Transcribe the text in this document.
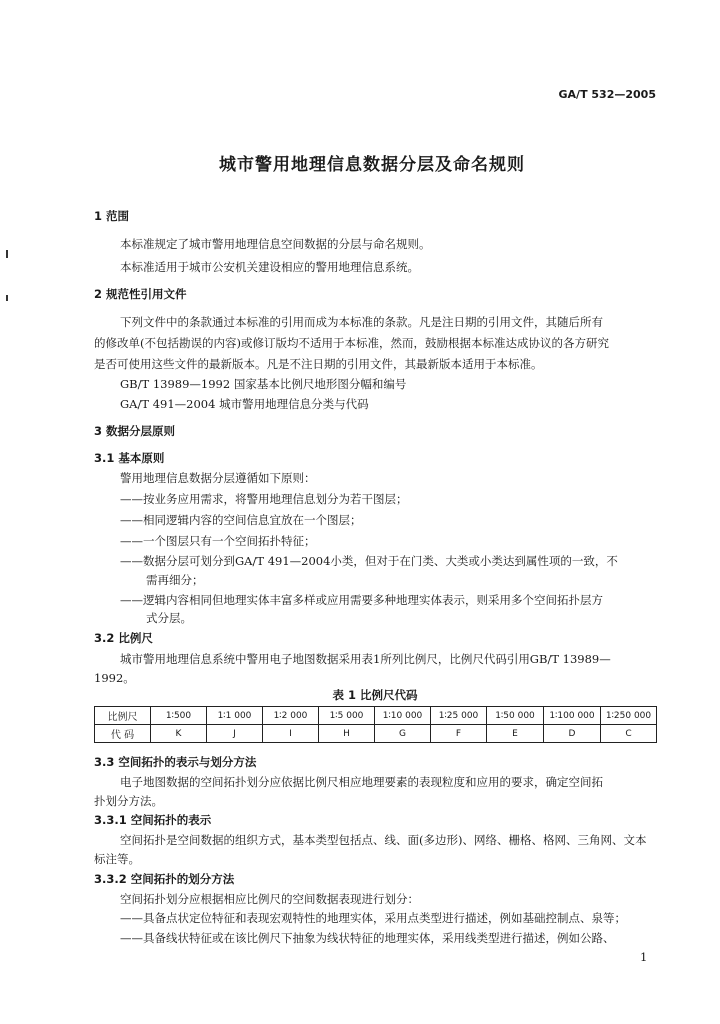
GA/T 532—2005
城市警用地理信息数据分层及命名规则
1 范围
本标准规定了城市警用地理信息空间数据的分层与命名规则。
本标准适用于城市公安机关建设相应的警用地理信息系统。
2 规范性引用文件
下列文件中的条款通过本标准的引用而成为本标准的条款。凡是注日期的引用文件，其随后所有
的修改单(不包括勘误的内容)或修订版均不适用于本标准，然而，鼓励根据本标准达成协议的各方研究
是否可使用这些文件的最新版本。凡是不注日期的引用文件，其最新版本适用于本标准。
GB/T 13989—1992 国家基本比例尺地形图分幅和编号
GA/T 491—2004 城市警用地理信息分类与代码
3 数据分层原则
3.1 基本原则
警用地理信息数据分层遵循如下原则：
——按业务应用需求，将警用地理信息划分为若干图层；
——相同逻辑内容的空间信息宜放在一个图层；
——一个图层只有一个空间拓扑特征；
——数据分层可划分到GA/T 491—2004小类，但对于在门类、大类或小类达到属性项的一致，不
需再细分；
——逻辑内容相同但地理实体丰富多样或应用需要多种地理实体表示，则采用多个空间拓扑层方
式分层。
3.2 比例尺
城市警用地理信息系统中警用电子地图数据采用表1所列比例尺，比例尺代码引用GB/T 13989—
1992。
表 1 比例尺代码
比例尺	1∶500	1∶1 000	1∶2 000	1∶5 000	1∶10 000	1∶25 000	1∶50 000	1∶100 000	1∶250 000
代 码	K	J	I	H	G	F	E	D	C
3.3 空间拓扑的表示与划分方法
电子地图数据的空间拓扑划分应依据比例尺相应地理要素的表现粒度和应用的要求，确定空间拓
扑划分方法。
3.3.1 空间拓扑的表示
空间拓扑是空间数据的组织方式，基本类型包括点、线、面(多边形)、网络、栅格、格网、三角网、文本
标注等。
3.3.2 空间拓扑的划分方法
空间拓扑划分应根据相应比例尺的空间数据表现进行划分：
——具备点状定位特征和表现宏观特性的地理实体，采用点类型进行描述，例如基础控制点、泉等；
——具备线状特征或在该比例尺下抽象为线状特征的地理实体，采用线类型进行描述，例如公路、
1
